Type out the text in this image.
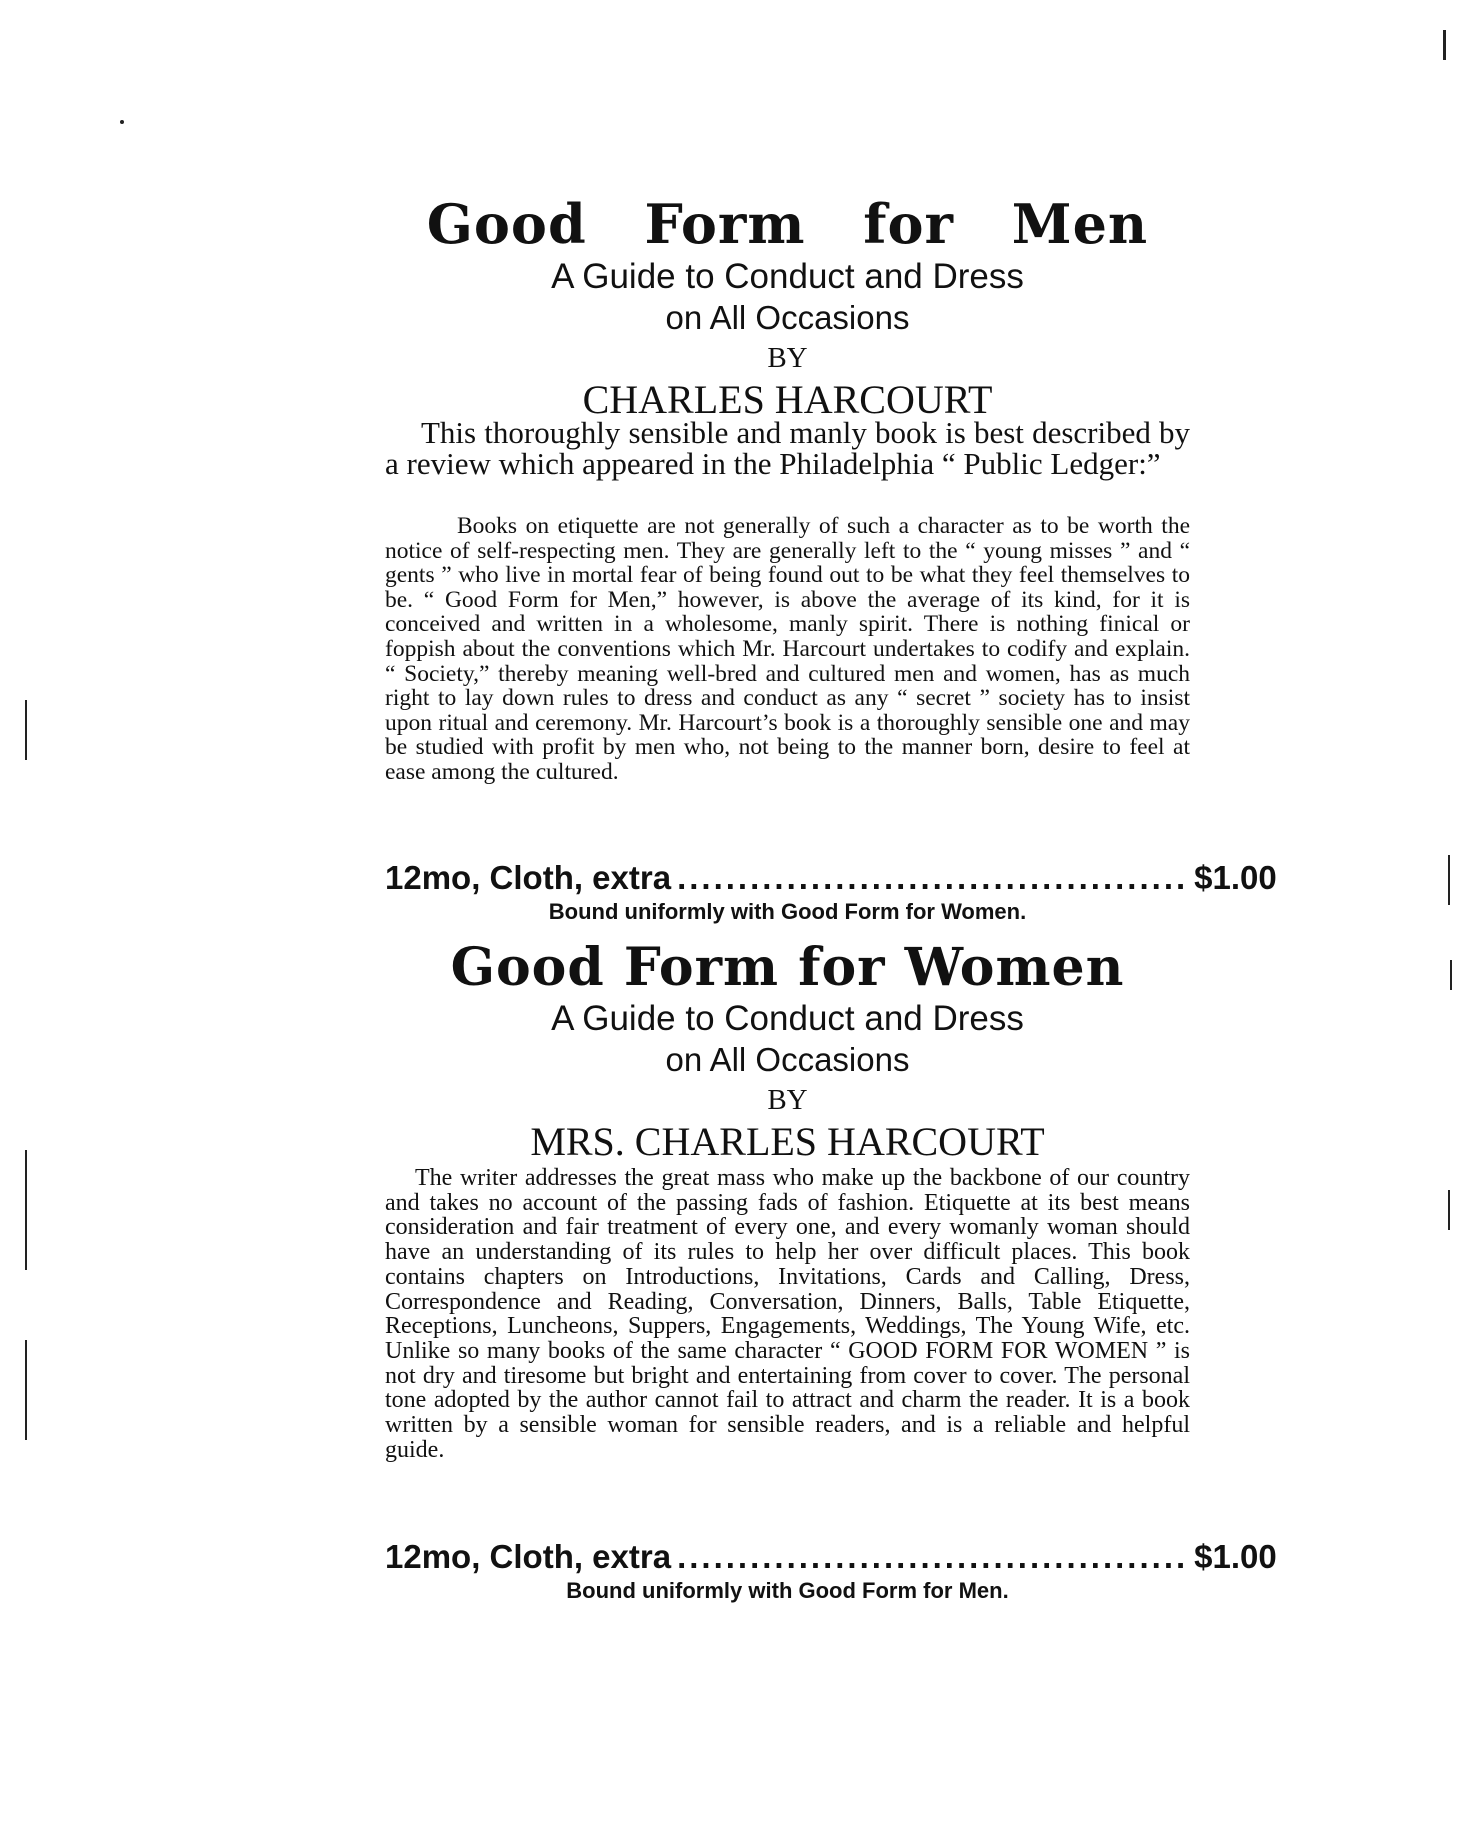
Good Form for Men
A Guide to Conduct and Dress
on All Occasions
BY
CHARLES HARCOURT
This thoroughly sensible and manly book is best described by a review which appeared in the Philadelphia “ Public Ledger:”
Books on etiquette are not generally of such a character as to be worth the notice of self-respecting men. They are generally left to the “ young misses ” and “ gents ” who live in mortal fear of being found out to be what they feel themselves to be. “ Good Form for Men,” however, is above the average of its kind, for it is conceived and written in a wholesome, manly spirit. There is nothing finical or foppish about the conventions which Mr. Harcourt undertakes to codify and explain. “ Society,” thereby meaning well-bred and cultured men and women, has as much right to lay down rules to dress and conduct as any “ secret ” society has to insist upon ritual and ceremony. Mr. Harcourt’s book is a thoroughly sensible one and may be studied with profit by men who, not being to the manner born, desire to feel at ease among the cultured.
12mo, Cloth, extra .......................................... $1.00
Bound uniformly with Good Form for Women.
Good Form for Women
A Guide to Conduct and Dress
on All Occasions
BY
MRS. CHARLES HARCOURT
The writer addresses the great mass who make up the backbone of our country and takes no account of the passing fads of fashion. Etiquette at its best means consideration and fair treatment of every one, and every womanly woman should have an understanding of its rules to help her over difficult places. This book contains chapters on Introductions, Invitations, Cards and Calling, Dress, Correspondence and Reading, Conversation, Dinners, Balls, Table Etiquette, Receptions, Luncheons, Suppers, Engagements, Weddings, The Young Wife, etc. Unlike so many books of the same character “ GOOD FORM FOR WOMEN ” is not dry and tiresome but bright and entertaining from cover to cover. The personal tone adopted by the author cannot fail to attract and charm the reader. It is a book written by a sensible woman for sensible readers, and is a reliable and helpful guide.
12mo, Cloth, extra .......................................... $1.00
Bound uniformly with Good Form for Men.
